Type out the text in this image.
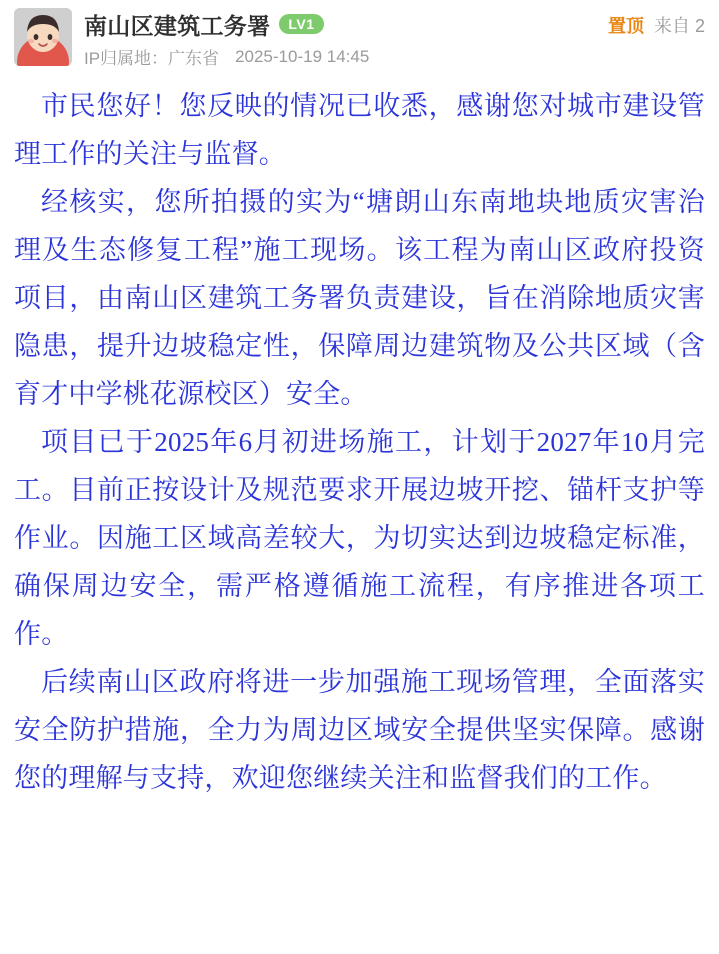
南山区建筑工务署	LV1
IP归属地：广东省 2025-10-19 14:45
置顶 来自 2

市民您好！您反映的情况已收悉，感谢您对城市建设管理工作的关注与监督。

经核实，您所拍摄的实为“塘朗山东南地块地质灾害治理及生态修复工程”施工现场。该工程为南山区政府投资项目，由南山区建筑工务署负责建设，旨在消除地质灾害隐患，提升边坡稳定性，保障周边建筑物及公共区域（含育才中学桃花源校区）安全。

项目已于2025年6月初进场施工，计划于2027年10月完工。目前正按设计及规范要求开展边坡开挖、锚杆支护等作业。因施工区域高差较大，为切实达到边坡稳定标准，确保周边安全，需严格遵循施工流程，有序推进各项工作。

后续南山区政府将进一步加强施工现场管理，全面落实安全防护措施，全力为周边区域安全提供坚实保障。感谢您的理解与支持，欢迎您继续关注和监督我们的工作。
